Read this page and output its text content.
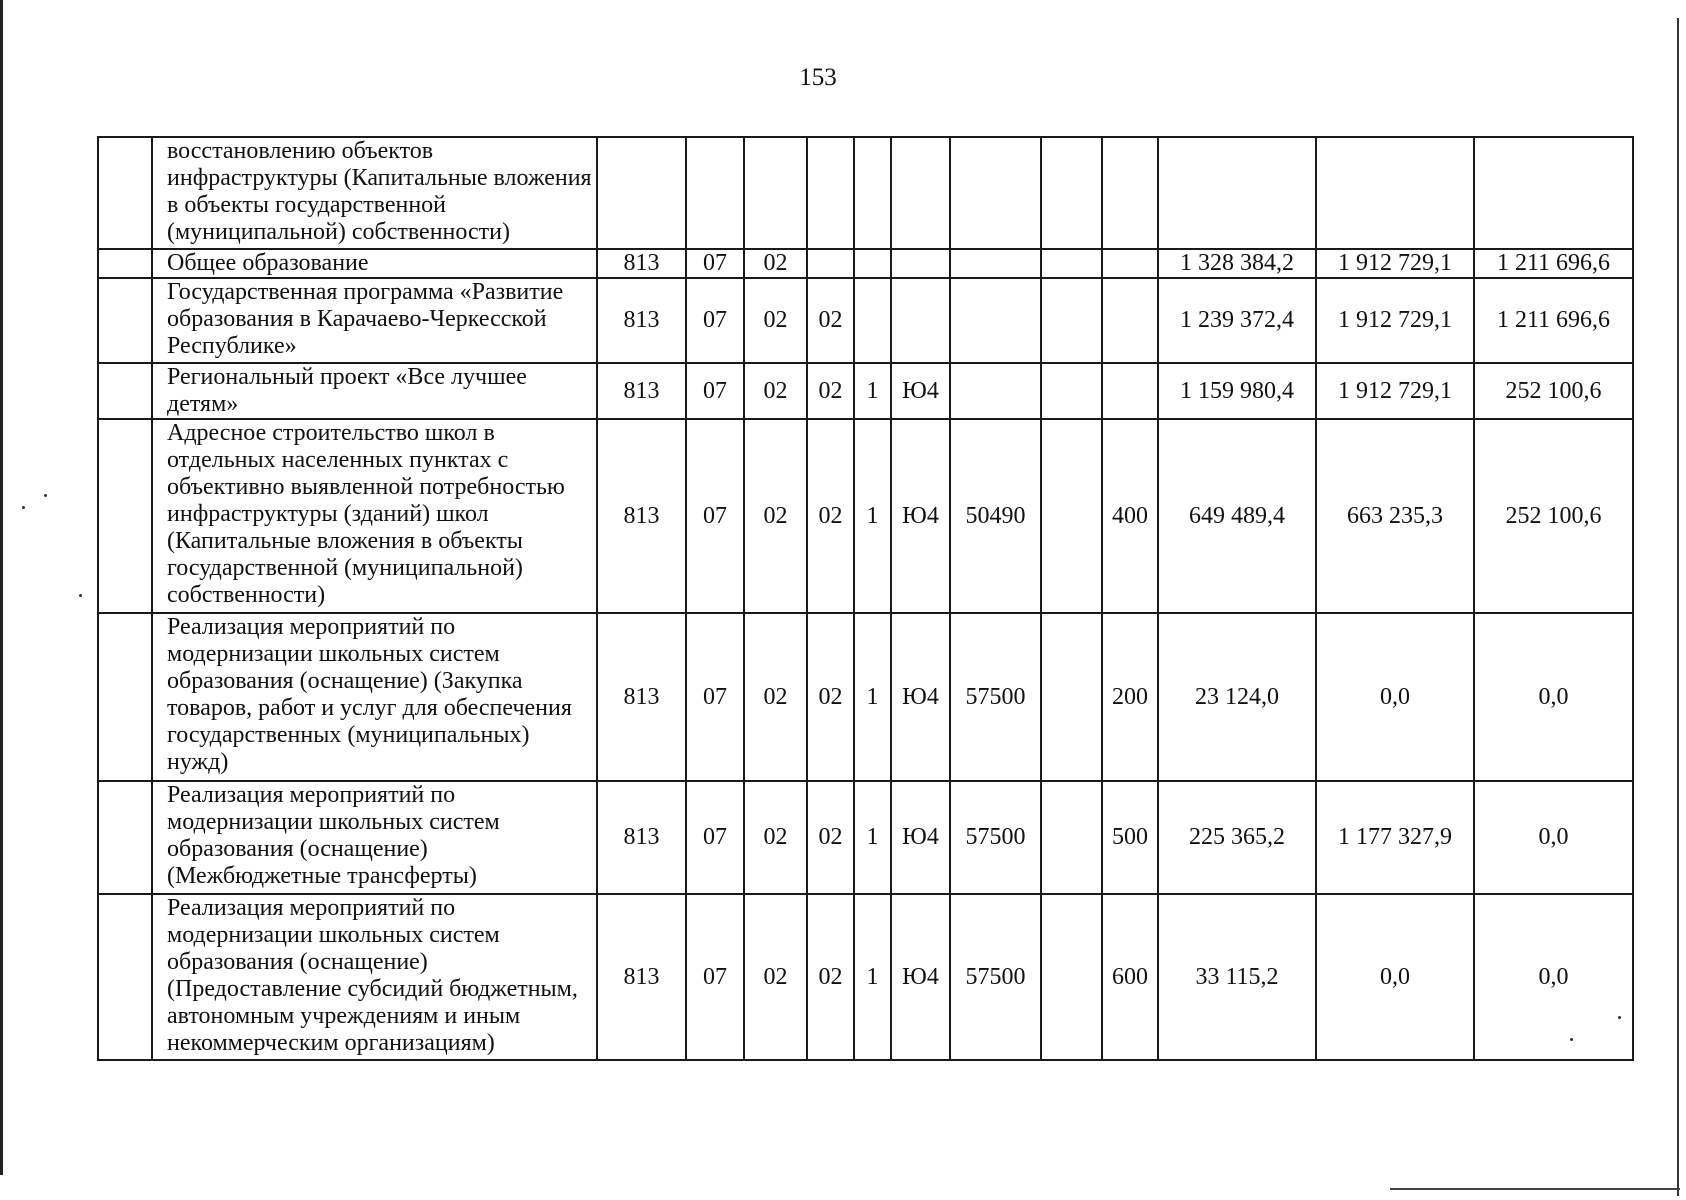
153
	восстановлению объектов инфраструктуры (Капитальные вложения в объекты государственной (муниципальной) собственности)												
	Общее образование	813	07	02							1 328 384,2	1 912 729,1	1 211 696,6
	Государственная программа «Развитие образования в Карачаево-Черкесской Республике»	813	07	02	02						1 239 372,4	1 912 729,1	1 211 696,6
	Региональный проект «Все лучшее детям»	813	07	02	02	1	Ю4				1 159 980,4	1 912 729,1	252 100,6
	Адресное строительство школ в отдельных населенных пунктах с объективно выявленной потребностью инфраструктуры (зданий) школ (Капитальные вложения в объекты государственной (муниципальной) собственности)	813	07	02	02	1	Ю4	50490		400	649 489,4	663 235,3	252 100,6
	Реализация мероприятий по модернизации школьных систем образования (оснащение) (Закупка товаров, работ и услуг для обеспечения государственных (муниципальных) нужд)	813	07	02	02	1	Ю4	57500		200	23 124,0	0,0	0,0
	Реализация мероприятий по модернизации школьных систем образования (оснащение) (Межбюджетные трансферты)	813	07	02	02	1	Ю4	57500		500	225 365,2	1 177 327,9	0,0
	Реализация мероприятий по модернизации школьных систем образования (оснащение) (Предоставление субсидий бюджетным, автономным учреждениям и иным некоммерческим организациям)	813	07	02	02	1	Ю4	57500		600	33 115,2	0,0	0,0
